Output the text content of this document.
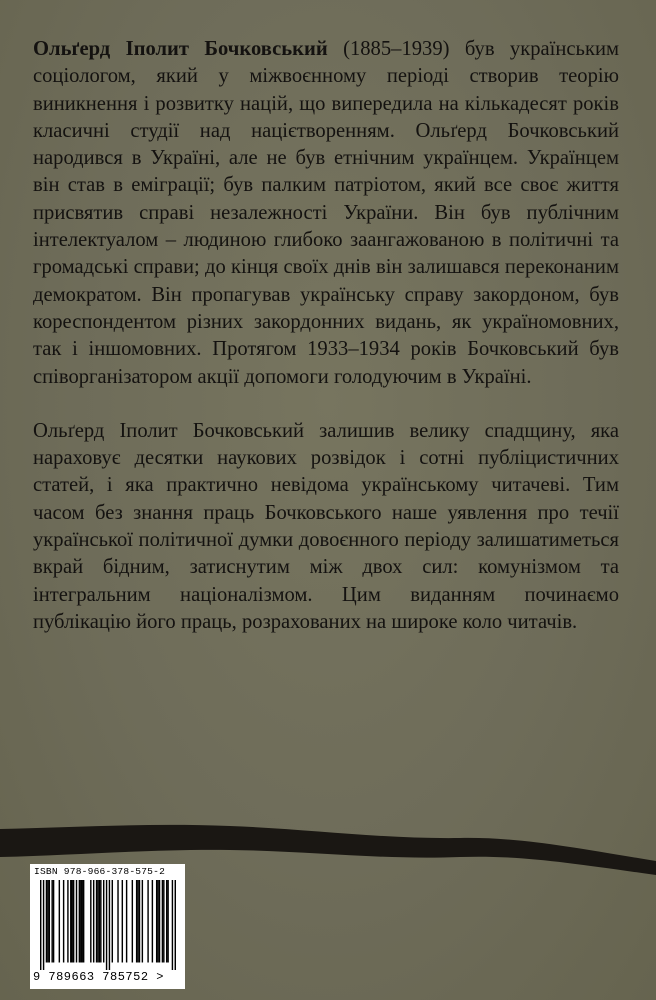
Ольґерд Іполит Бочковський (1885–1939) був українським соціологом, який у міжвоєнному періоді створив теорію виникнення і розвитку націй, що випередила на кількадесят років класичні студії над націєтворенням. Ольґерд Бочковський народився в Україні, але не був етнічним українцем. Українцем він став в еміграції; був палким патріотом, який все своє життя присвятив справі незалежності України. Він був публічним інтелектуалом – людиною глибоко заангажованою в політичні та громадські справи; до кінця своїх днів він залишався переконаним демократом. Він пропагував українську справу закордоном, був кореспондентом різних закордонних видань, як україномовних, так і іншомовних. Протягом 1933–1934 років Бочковський був співорганізатором акції допомоги голодуючим в Україні.

Ольґерд Іполит Бочковський залишив велику спадщину, яка нараховує десятки наукових розвідок і сотні публіцистичних статей, і яка практично невідома українському читачеві. Тим часом без знання праць Бочковського наше уявлення про течії української політичної думки довоєнного періоду залишатиметься вкрай бідним, затиснутим між двох сил: комунізмом та інтегральним націоналізмом. Цим виданням починаємо публікацію його праць, розрахованих на широке коло читачів.

ISBN 978-966-378-575-2
9 789663 785752 >
